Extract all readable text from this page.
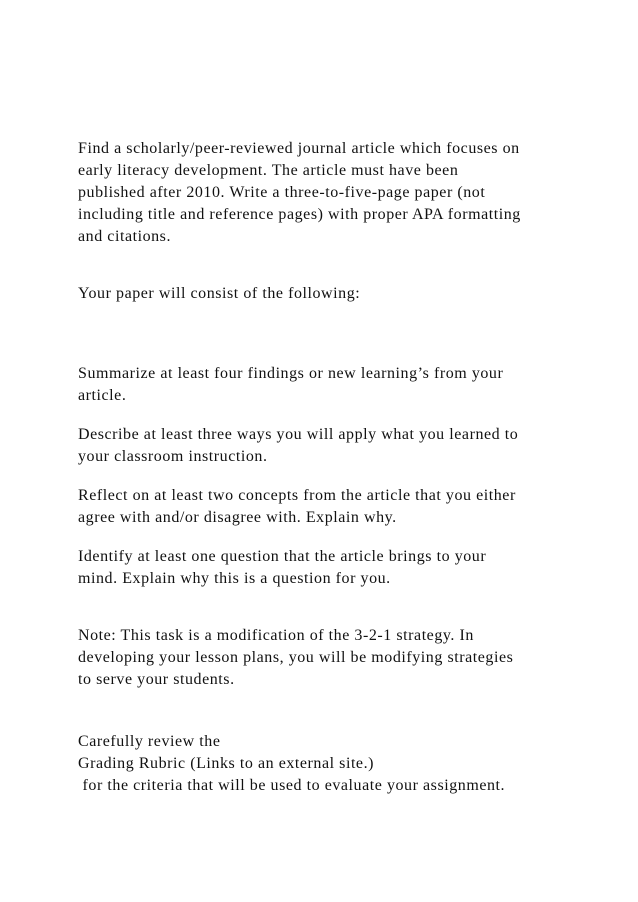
Find a scholarly/peer-reviewed journal article which focuses on

early literacy development. The article must have been

published after 2010. Write a three-to-five-page paper (not

including title and reference pages) with proper APA formatting

and citations.

Your paper will consist of the following:

Summarize at least four findings or new learning’s from your

article.

Describe at least three ways you will apply what you learned to

your classroom instruction.

Reflect on at least two concepts from the article that you either

agree with and/or disagree with. Explain why.

Identify at least one question that the article brings to your

mind. Explain why this is a question for you.

Note: This task is a modification of the 3-2-1 strategy. In

developing your lesson plans, you will be modifying strategies

to serve your students.

Carefully review the

Grading Rubric (Links to an external site.)

for the criteria that will be used to evaluate your assignment.
